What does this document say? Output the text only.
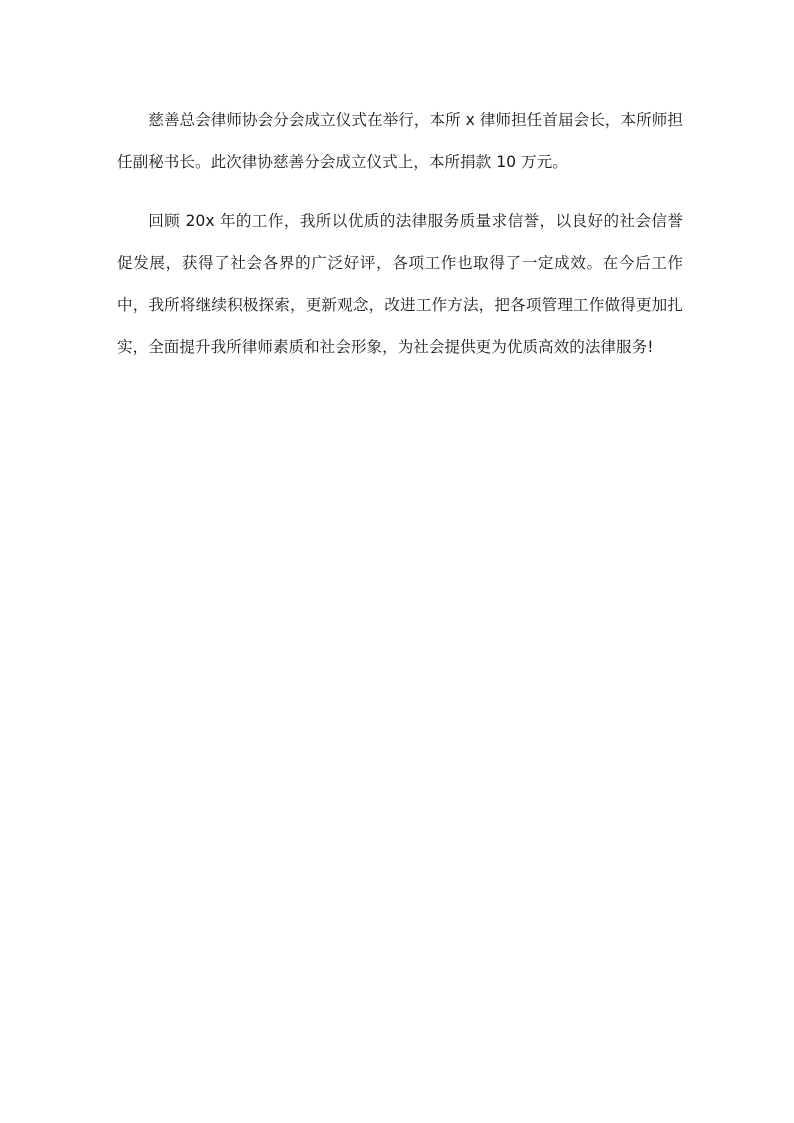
慈善总会律师协会分会成立仪式在举行，本所 x 律师担任首届会长，本所师担任副秘书长。此次律协慈善分会成立仪式上，本所捐款 10 万元。

回顾 20x 年的工作，我所以优质的法律服务质量求信誉，以良好的社会信誉促发展，获得了社会各界的广泛好评，各项工作也取得了一定成效。在今后工作中，我所将继续积极探索，更新观念，改进工作方法，把各项管理工作做得更加扎实，全面提升我所律师素质和社会形象，为社会提供更为优质高效的法律服务!
